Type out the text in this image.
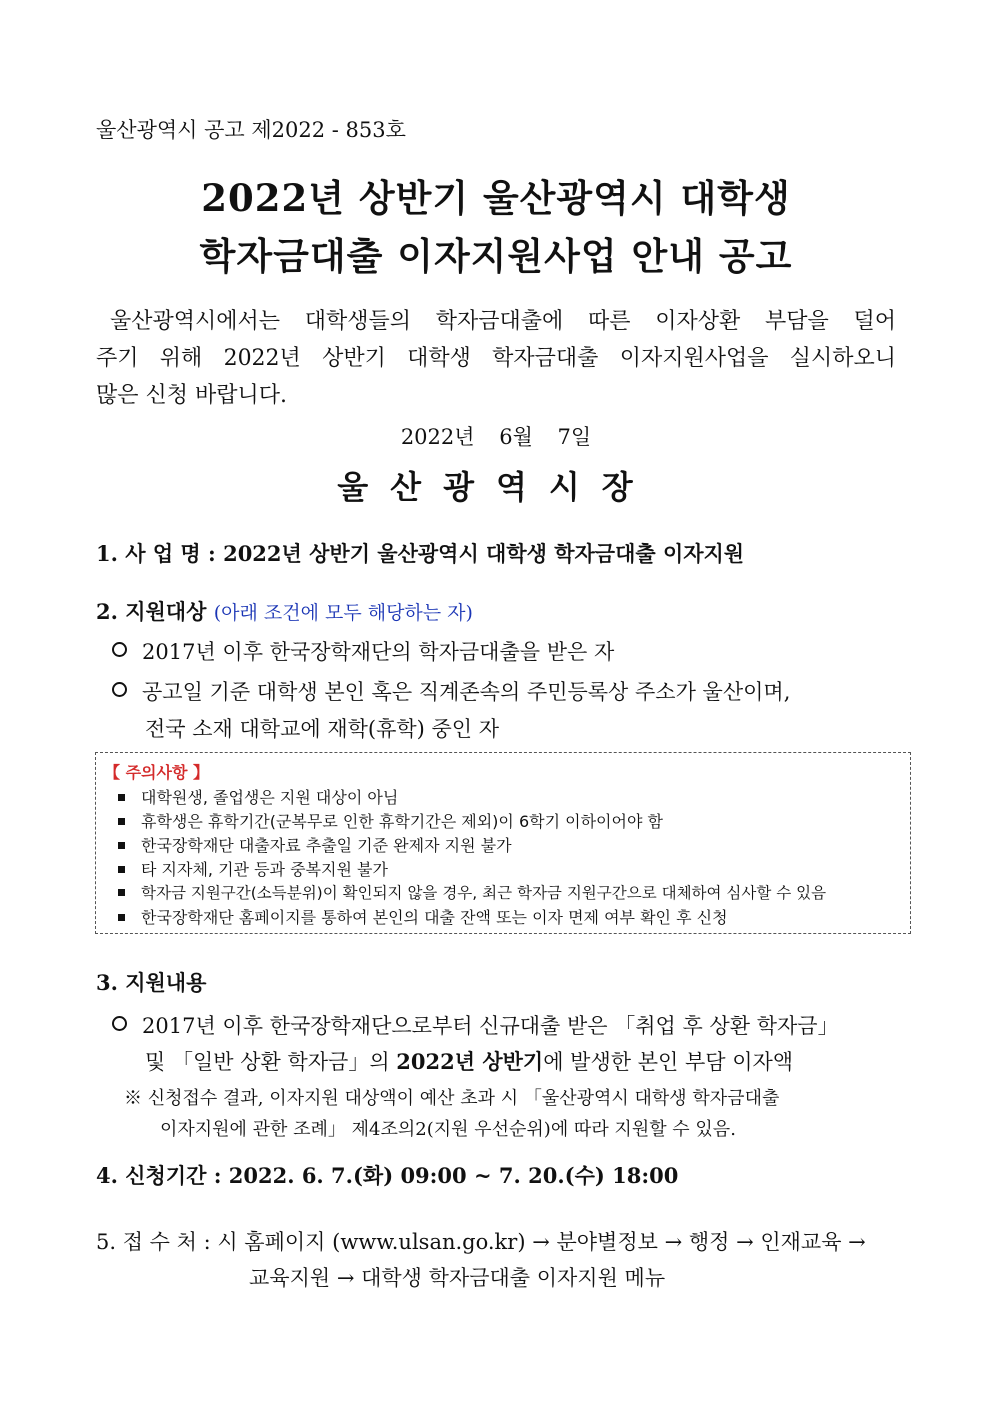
울산광역시 공고 제2022 - 853호
2022년 상반기 울산광역시 대학생
학자금대출 이자지원사업 안내 공고
울산광역시에서는 대학생들의 학자금대출에 따른 이자상환 부담을 덜어
주기 위해 2022년 상반기 대학생 학자금대출 이자지원사업을 실시하오니
많은 신청 바랍니다.
2022년 6월 7일
울산광역시장
1. 사 업 명 : 2022년 상반기 울산광역시 대학생 학자금대출 이자지원
2. 지원대상 (아래 조건에 모두 해당하는 자)
2017년 이후 한국장학재단의 학자금대출을 받은 자
공고일 기준 대학생 본인 혹은 직계존속의 주민등록상 주소가 울산이며,
전국 소재 대학교에 재학(휴학) 중인 자
【 주의사항 】
대학원생, 졸업생은 지원 대상이 아님
휴학생은 휴학기간(군복무로 인한 휴학기간은 제외)이 6학기 이하이어야 함
한국장학재단 대출자료 추출일 기준 완제자 지원 불가
타 지자체, 기관 등과 중복지원 불가
학자금 지원구간(소득분위)이 확인되지 않을 경우, 최근 학자금 지원구간으로 대체하여 심사할 수 있음
한국장학재단 홈페이지를 통하여 본인의 대출 잔액 또는 이자 면제 여부 확인 후 신청
3. 지원내용
2017년 이후 한국장학재단으로부터 신규대출 받은 「취업 후 상환 학자금」
및 「일반 상환 학자금」의 2022년 상반기에 발생한 본인 부담 이자액
※ 신청접수 결과, 이자지원 대상액이 예산 초과 시 「울산광역시 대학생 학자금대출
이자지원에 관한 조례」 제4조의2(지원 우선순위)에 따라 지원할 수 있음.
4. 신청기간 : 2022. 6. 7.(화) 09:00 ~ 7. 20.(수) 18:00
5. 접 수 처 : 시 홈페이지 (www.ulsan.go.kr) → 분야별정보 → 행정 → 인재교육 →
교육지원 → 대학생 학자금대출 이자지원 메뉴
